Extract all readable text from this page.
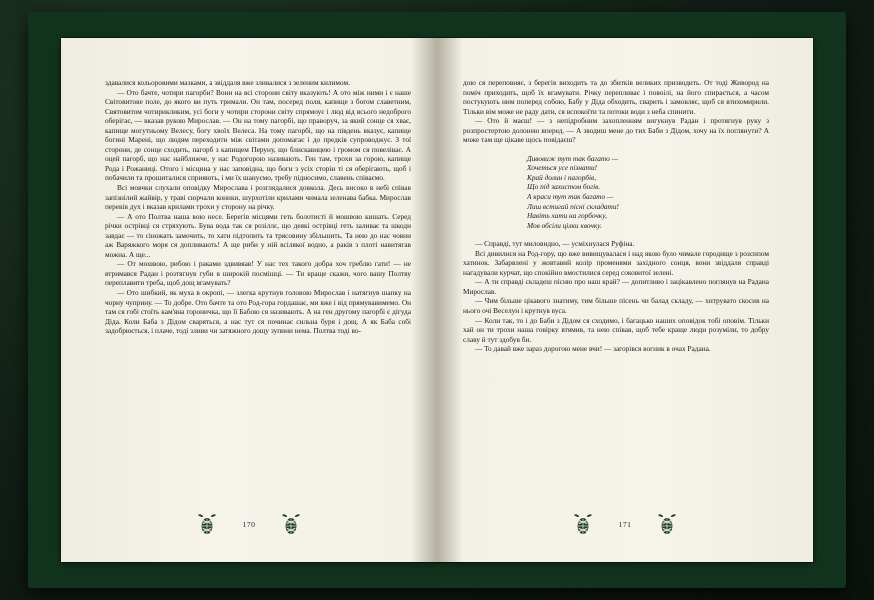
здавалися кольоровими мазками, а звіддаля вже зливалися з зеленим килимом.

— Ото бачте, чотири пагорби? Вони на всі сторони світу вказують! А ото між ними і є наше Світовитове поле, до якого ви путь тримали. Он там, посеред поля, капище з богом славетним, Святовитом чотирикликим, усі боги у чотири сторони світу спрямоує і люд від всього недоброго оберігає, — вказав рукою Мирослав. — Он на тому пагорбі, що праворуч, за який сонце ся хває, капище могутньому Велесу, богу хвоїх Велеса. На тому пагорбі, що на південь вказує, капище богині Марені, що людям переходити між світами допомагає і до предків супроводжує. З тої сторони, де сонце сходить, пагорб з капищем Перуну, що блискавицею і громом ся повеліває. А оцей пагорб, що нас найближче, у нас Родогорою називають. Ген там, трохи за горою, капище Рода і Рожаниці. Отого і місцина у нас заповідна, що боги з усіх сторін ті ся оберігають, щоб і побачили та прошиталися сприяють, і ми їх шануємо, требу підносимо, славень співаємо.

Всі мовчки слухали оповідку Мирослава і розглядалися довкола. Десь високо в небі співав запізнілий жайвір, у траві сюрчали коники, шурхотіли крилами чимала зеленава бабка. Мирослав перевів дух і вказав крилами трохи у сторону на річку.

— А ото Полтва наша вою несе. Берегів місцями геть болотисті й мошвою кишать. Серед річки острівці ся стряхують. Бува вода так ся розіллє, що деякі острівці геть заливає та шкоди завдає — то сіножать замочить, то хати підтопить та трясовину збільшить. Та нею до нас човни аж Варяжкого моря ся допливають! А ще риби у ній всілякої водно, а раків з плоті навитягав можна. А ще...

— От мошвою, рибою і раками здвивяав! У нас тех такого добра хоч греблю гати! — не втримався Радан і розтягнув губи в широкій посмішці. — Ти краще скажи, чого вашу Полтву переплавити треба, щоб дощ вгамувать?

— Ото шибкий, як муха в окропі, — злегка крутнув головою Мирослав і натягнув шапку на чорну чуприну. — То добре. Ото бачте та ото Род-гора гордашає, ми вже і від прямувавимемо. Он там ся гобі стоїть кам'яна гороничка, що її Бабою ся називають. А на ген другому пагорбі є дігуда Діда. Коли Баба з Дідом сваряться, а нас тут ся починає сильна буря і дощ. А як Баба собі задобрюється, і плаче, тоді зливи чи затяжного дощу зупини нема. Полтва тоді во-

170

дою ся переповняє, з берегів виходить та до збитків великих призводить. От тоді Живород на поміч приходить, щоб їх вгамувати. Річку перепливає і повоілі, на його спирається, а часом постукують ним поперед собою, Бабу у Діда обходить, сварить і замовляє, щоб ся втихомирили. Тільки вім може не раду дати, ся вспокоїти та потоки води з неба спинити.

— Ото й маєш! — з непідробним захопленням вигукнув Радан і протягнув руку з розпростертою долонею вперед. — А зводиш мене до тих Баби з Дідом, хочу на їх поглянути? А може там ще цікаве щось повідаєш?

Дивовиж тут так багато —
Хочеться усе пізнати!
Край долин і пагорбів,
Що під захистом богів.
А краси тут так багато —
Лиш встигай пісні складати!
Навіть хати на горбочку,
Мов обсіли цілки квочку.

— Справді, тут миловидно, — усміхнулася Руфіна.

Всі дивилися на Род-гору, що вже вивищувалася і над якою було чимале городище з розсипом хатинок. Забарвлені у жовтавий колір променями західного сонця, вони звіддаля справді нагадували курчат, що спокійно вмостилися серед соковитої зелені.

— А ти справді складеш пісню про наш край? — допитливо і зацікавлено поглянув на Радана Мирослав.

— Чим більше цікавого знатиму, тим більше пісень чи балад складу, — хитрувато скосив на нього очі Веселун і крутнув вуса.

— Коли так, то і до Баби з Дідом ся сходимо, і багацько наших оповідок тобі оповім. Тільки хай он ти трохи наша говірку втямив, та нею співав, щоб тебе краще люди розуміли, то добру славу й тут здобув би.

— То давай вже зараз дорогою мене вчи! — загорівся вогник в очах Радана.

171
